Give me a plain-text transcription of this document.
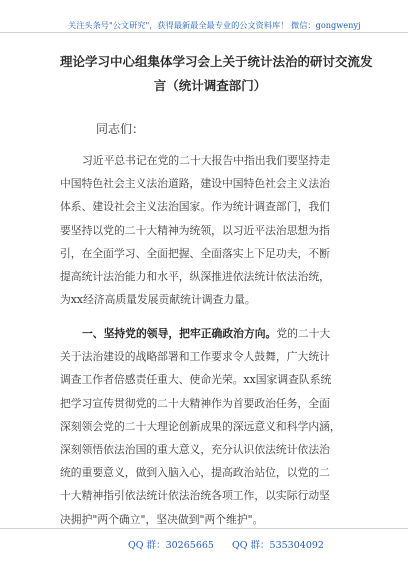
关注头条号"公文研究"，获得最新最全最专业的公文资料库！ 微信：gongwenyj
理论学习中心组集体学习会上关于统计法治的研讨交流发
言（统计调查部门）
同志们：
习近平总书记在党的二十大报告中指出我们要坚持走
中国特色社会主义法治道路，建设中国特色社会主义法治
体系、建设社会主义法治国家。作为统计调查部门，我们
要坚持以党的二十大精神为统领，以习近平法治思想为指
引，在全面学习、全面把握、全面落实上下足功夫，不断
提高统计法治能力和水平，纵深推进依法统计依法治统，
为xx经济高质量发展贡献统计调查力量。
一、坚持党的领导，把牢正确政治方向。党的二十大
关于法治建设的战略部署和工作要求令人鼓舞，广大统计
调查工作者倍感责任重大、使命光荣。xx国家调查队系统
把学习宣传贯彻党的二十大精神作为首要政治任务，全面
深刻领会党的二十大理论创新成果的深远意义和科学内涵，
深刻领悟依法治国的重大意义，充分认识依法统计依法治
统的重要意义，做到入脑入心，提高政治站位，以党的二
十大精神指引依法统计依法治统各项工作，以实际行动坚
决拥护"两个确立"，坚决做到"两个维护"。
QQ 群：30265665 QQ 群：535304092
